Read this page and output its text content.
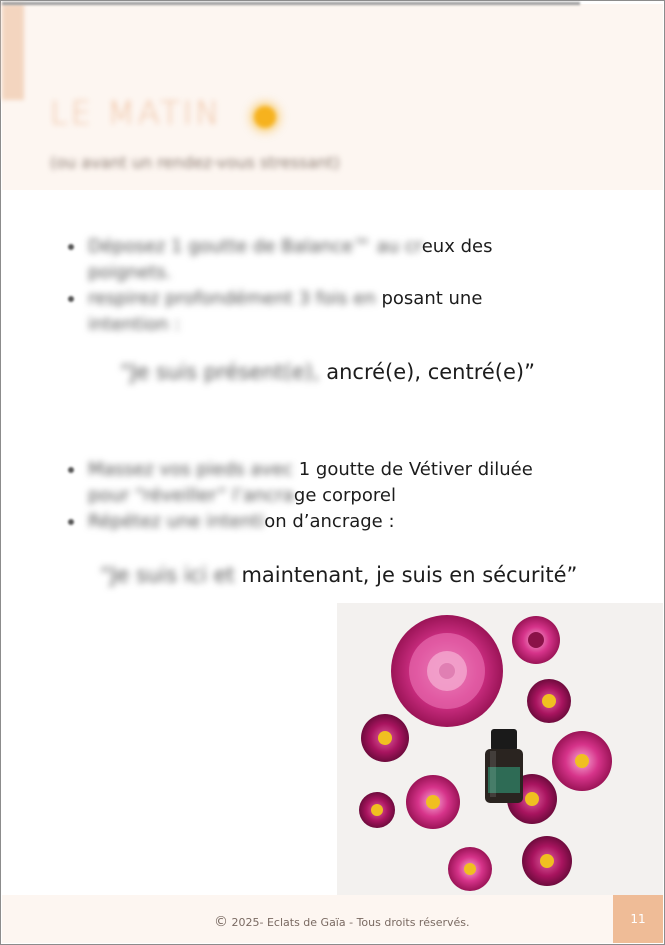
LE MATIN
(ou avant un rendez-vous stressant)
Déposez 1 goutte de Balance™ au creux des
poignets.
respirez profondément 3 fois en posant une
intention :
“Je suis présent(e), ancré(e), centré(e)”
Massez vos pieds avec 1 goutte de Vétiver diluée
pour “réveiller” l’ancrage corporel
Répétez une intention d’ancrage :
“Je suis ici et maintenant, je suis en sécurité”
© 2025- Eclats de Gaïa - Tous droits réservés.	11
